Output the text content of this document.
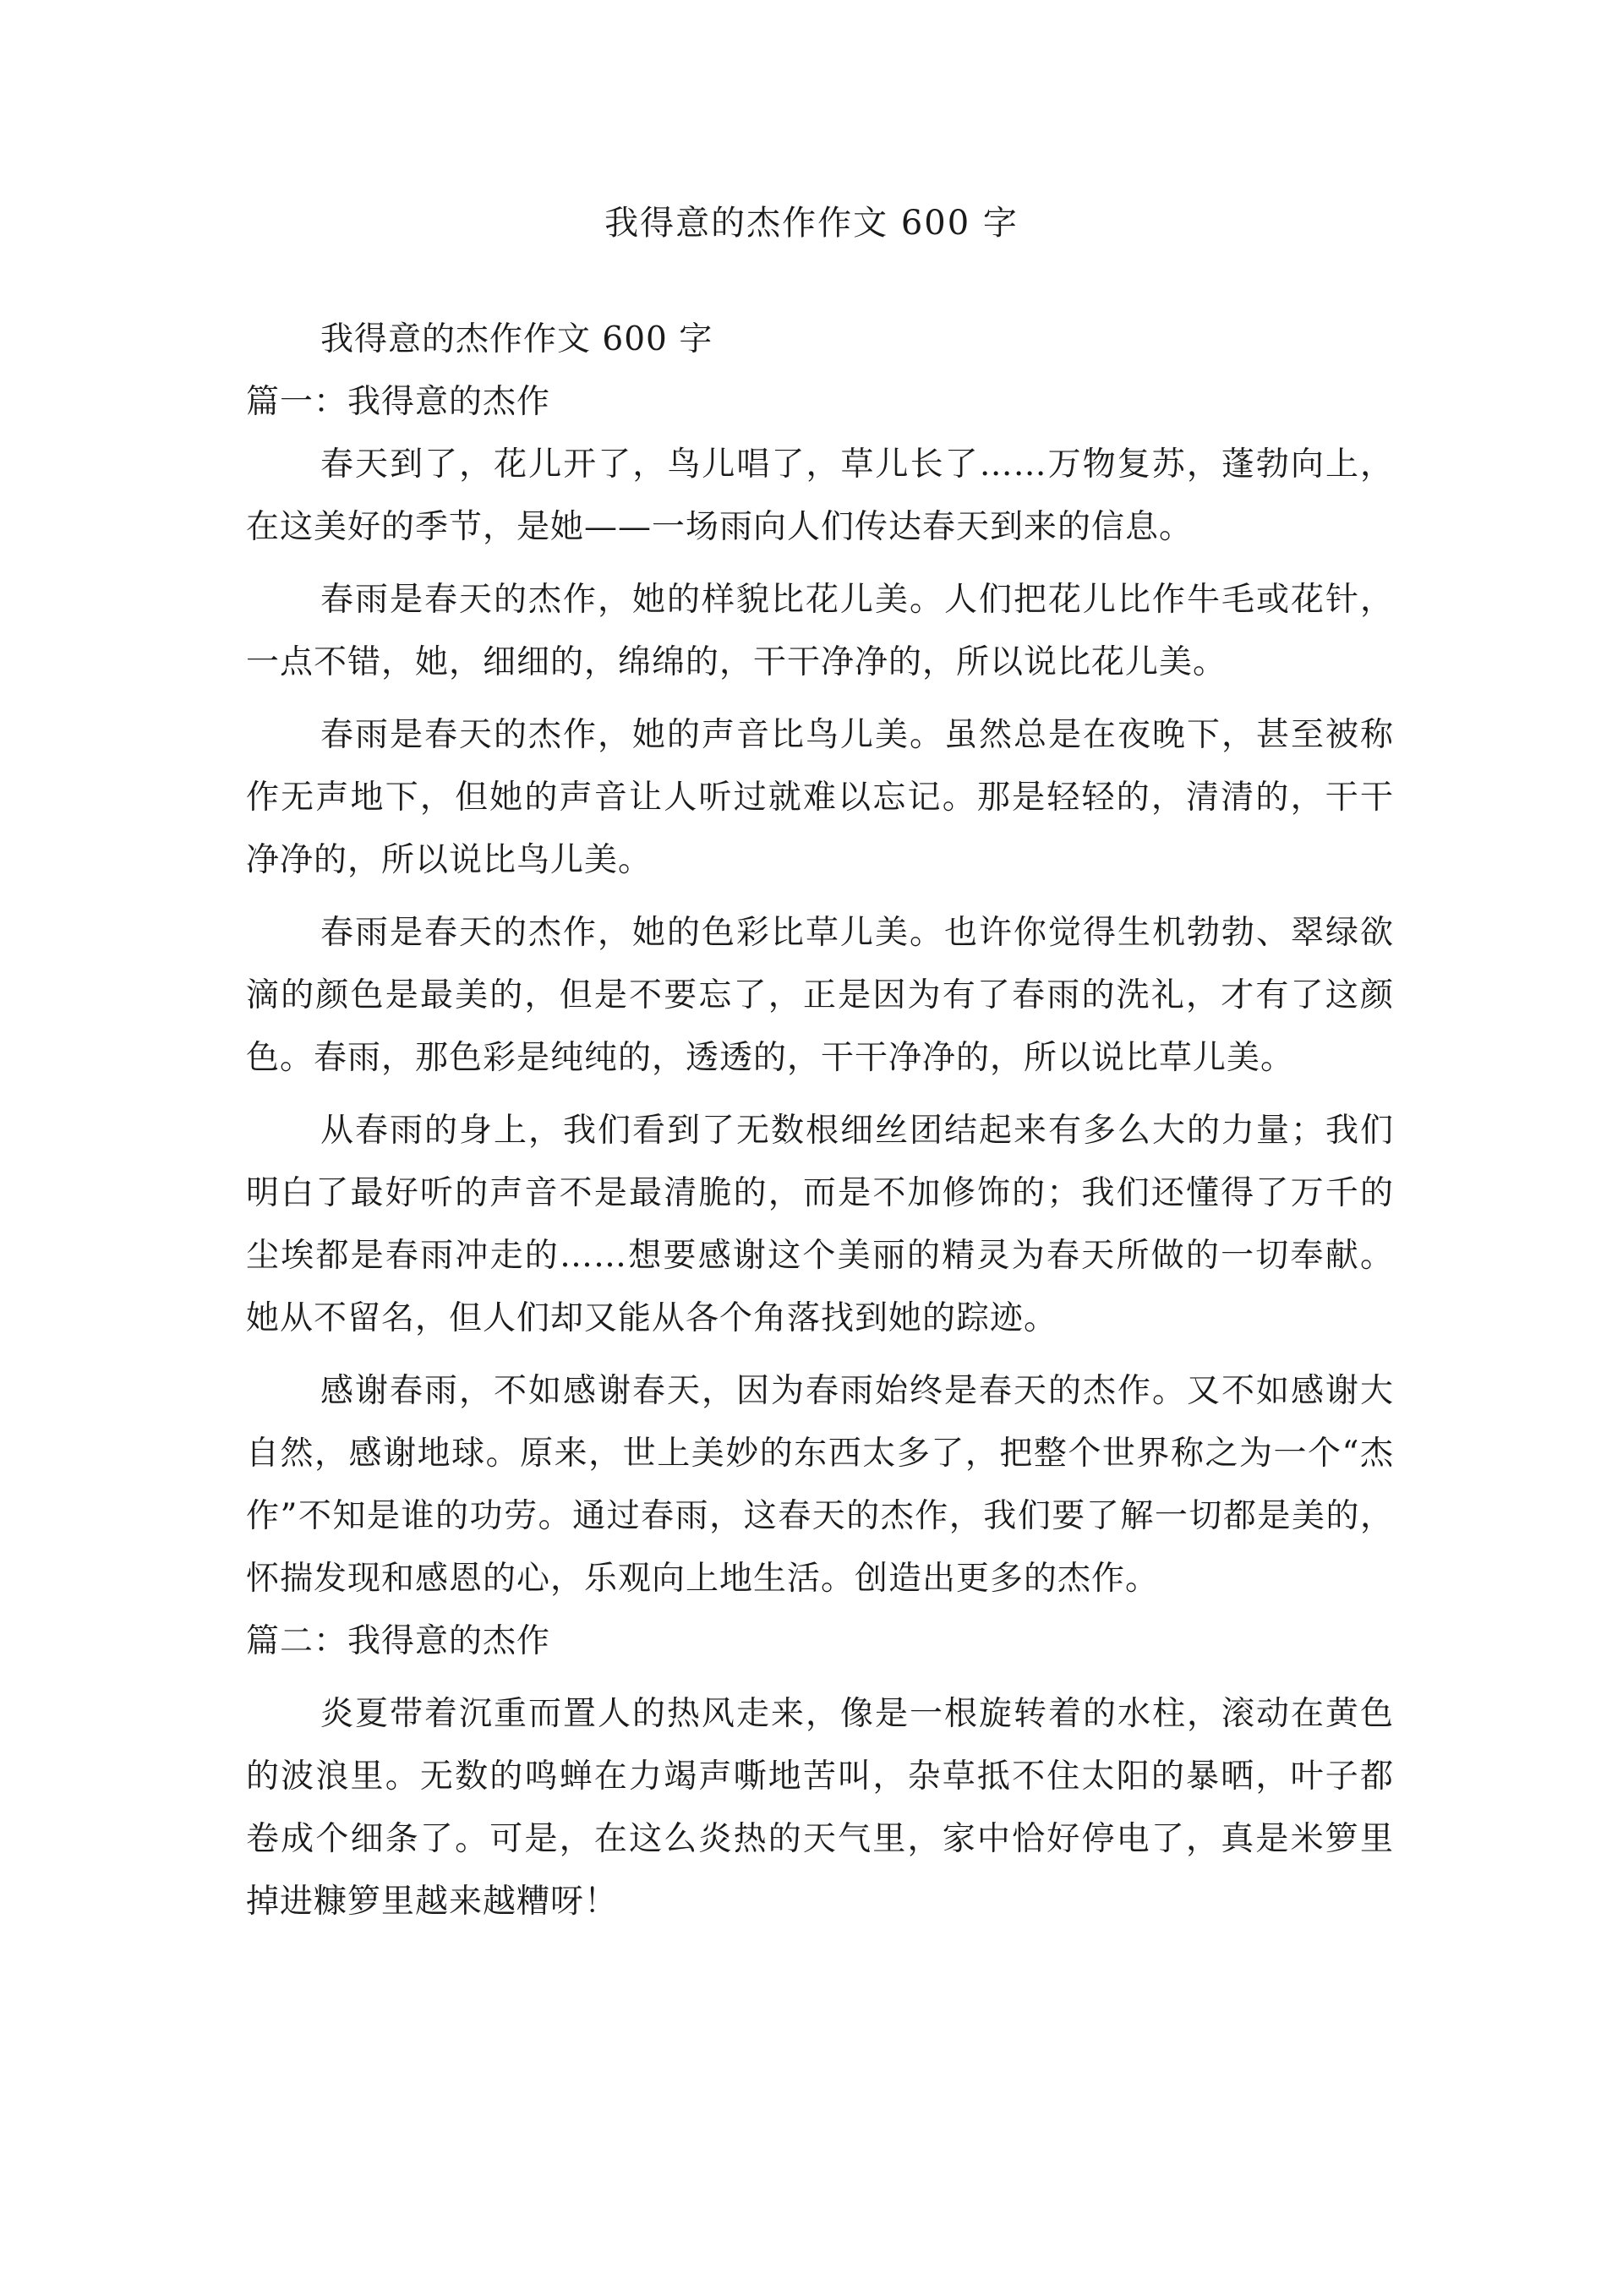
我得意的杰作作文 600 字

我得意的杰作作文 600 字

篇一：我得意的杰作

春天到了，花儿开了，鸟儿唱了，草儿长了……万物复苏，蓬勃向上，在这美好的季节，是她——一场雨向人们传达春天到来的信息。

春雨是春天的杰作，她的样貌比花儿美。人们把花儿比作牛毛或花针，一点不错，她，细细的，绵绵的，干干净净的，所以说比花儿美。

春雨是春天的杰作，她的声音比鸟儿美。虽然总是在夜晚下，甚至被称作无声地下，但她的声音让人听过就难以忘记。那是轻轻的，清清的，干干净净的，所以说比鸟儿美。

春雨是春天的杰作，她的色彩比草儿美。也许你觉得生机勃勃、翠绿欲滴的颜色是最美的，但是不要忘了，正是因为有了春雨的洗礼，才有了这颜色。春雨，那色彩是纯纯的，透透的，干干净净的，所以说比草儿美。

从春雨的身上，我们看到了无数根细丝团结起来有多么大的力量；我们明白了最好听的声音不是最清脆的，而是不加修饰的；我们还懂得了万千的尘埃都是春雨冲走的……想要感谢这个美丽的精灵为春天所做的一切奉献。她从不留名，但人们却又能从各个角落找到她的踪迹。

感谢春雨，不如感谢春天，因为春雨始终是春天的杰作。又不如感谢大自然，感谢地球。原来，世上美妙的东西太多了，把整个世界称之为一个“杰作”不知是谁的功劳。通过春雨，这春天的杰作，我们要了解一切都是美的，怀揣发现和感恩的心，乐观向上地生活。创造出更多的杰作。

篇二：我得意的杰作

炎夏带着沉重而置人的热风走来，像是一根旋转着的水柱，滚动在黄色的波浪里。无数的鸣蝉在力竭声嘶地苦叫，杂草抵不住太阳的暴晒，叶子都卷成个细条了。可是，在这么炎热的天气里，家中恰好停电了，真是米箩里掉进糠箩里越来越糟呀！
